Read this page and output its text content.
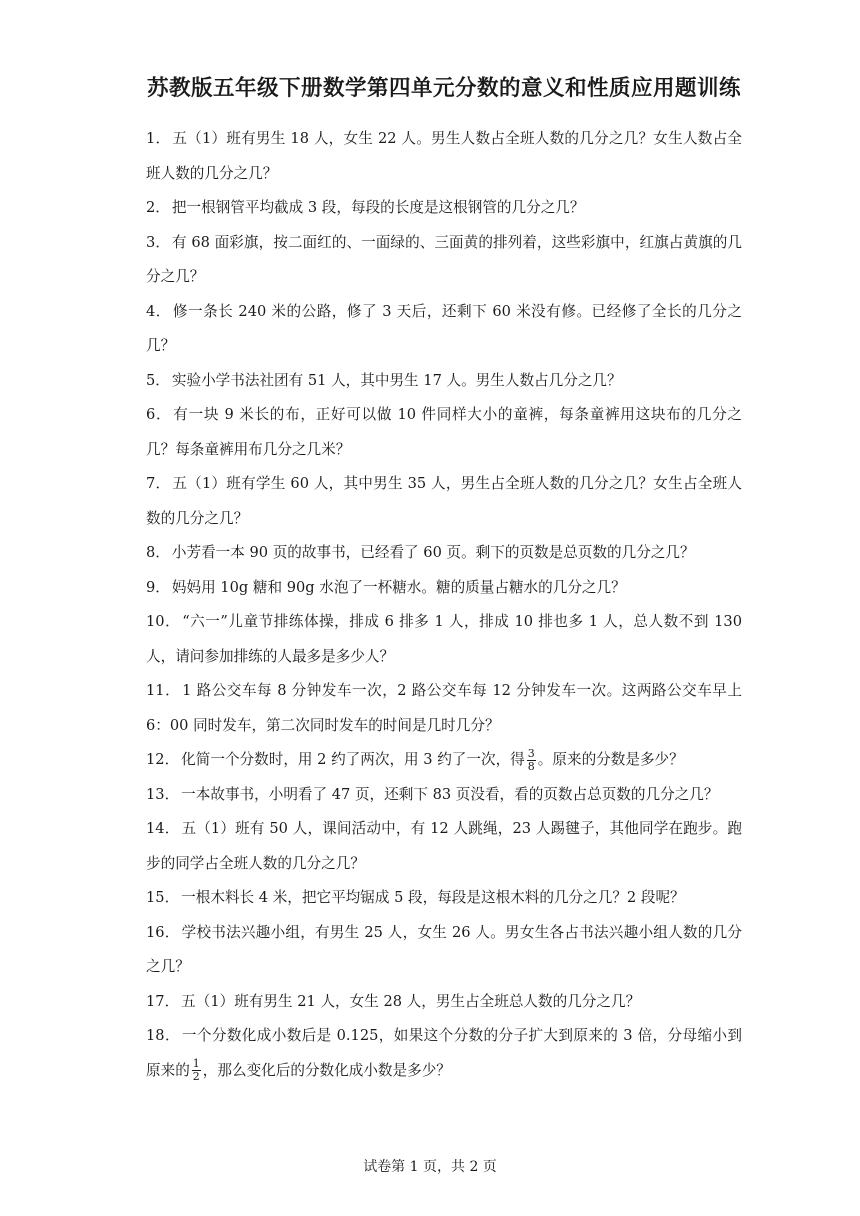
苏教版五年级下册数学第四单元分数的意义和性质应用题训练
1． 五（1）班有男生 18 人，女生 22 人。男生人数占全班人数的几分之几？女生人数占全班人数的几分之几？
2． 把一根钢管平均截成 3 段，每段的长度是这根钢管的几分之几？
3． 有 68 面彩旗，按二面红的、一面绿的、三面黄的排列着，这些彩旗中，红旗占黄旗的几分之几？
4． 修一条长 240 米的公路，修了 3 天后，还剩下 60 米没有修。已经修了全长的几分之几？
5． 实验小学书法社团有 51 人，其中男生 17 人。男生人数占几分之几？
6． 有一块 9 米长的布，正好可以做 10 件同样大小的童裤，每条童裤用这块布的几分之几？每条童裤用布几分之几米？
7． 五（1）班有学生 60 人，其中男生 35 人，男生占全班人数的几分之几？女生占全班人数的几分之几？
8． 小芳看一本 90 页的故事书，已经看了 60 页。剩下的页数是总页数的几分之几？
9． 妈妈用 10g 糖和 90g 水泡了一杯糖水。糖的质量占糖水的几分之几？
10． “六一”儿童节排练体操，排成 6 排多 1 人，排成 10 排也多 1 人，总人数不到 130 人，请问参加排练的人最多是多少人？
11． 1 路公交车每 8 分钟发车一次，2 路公交车每 12 分钟发车一次。这两路公交车早上 6：00 同时发车，第二次同时发车的时间是几时几分？
12． 化简一个分数时，用 2 约了两次，用 3 约了一次，得 $\frac{3}{8}$ 。原来的分数是多少？
13． 一本故事书，小明看了 47 页，还剩下 83 页没看，看的页数占总页数的几分之几？
14． 五（1）班有 50 人，课间活动中，有 12 人跳绳，23 人踢毽子，其他同学在跑步。跑步的同学占全班人数的几分之几？
15． 一根木料长 4 米，把它平均锯成 5 段，每段是这根木料的几分之几？2 段呢？
16． 学校书法兴趣小组，有男生 25 人，女生 26 人。男女生各占书法兴趣小组人数的几分之几？
17． 五（1）班有男生 21 人，女生 28 人，男生占全班总人数的几分之几？
18． 一个分数化成小数后是 0.125，如果这个分数的分子扩大到原来的 3 倍，分母缩小到原来的 $\frac{1}{2}$ ，那么变化后的分数化成小数是多少？
试卷第 1 页，共 2 页
